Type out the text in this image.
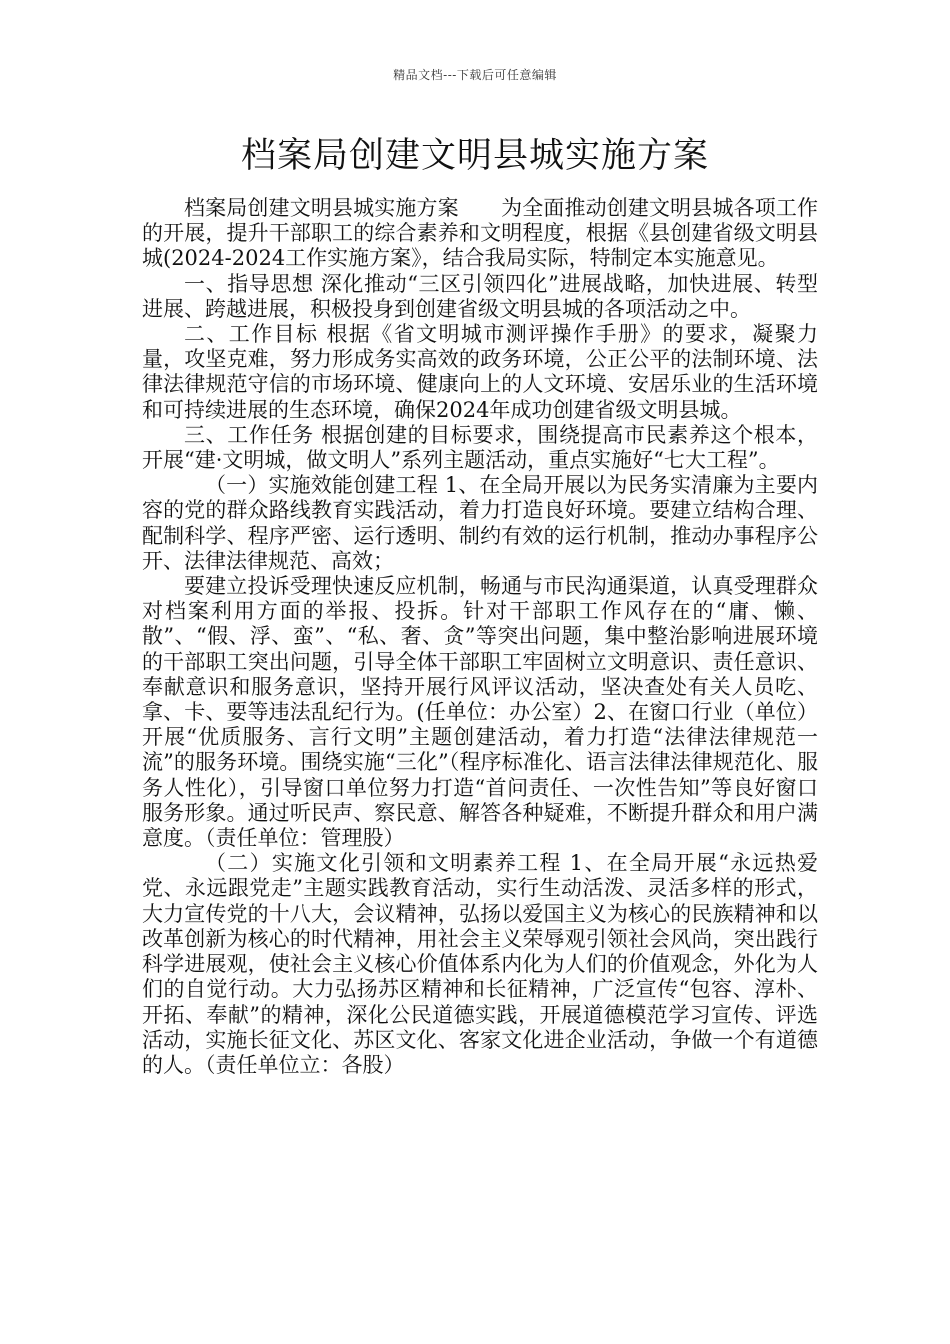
精品文档---下载后可任意编辑
档案局创建文明县城实施方案

档案局创建文明县城实施方案　　为全面推动创建文明县城各项工作的开展，提升干部职工的综合素养和文明程度，根据《县创建省级文明县城(2024-2024工作实施方案》，结合我局实际，特制定本实施意见。

一、指导思想 深化推动“三区引领四化”进展战略，加快进展、转型进展、跨越进展，积极投身到创建省级文明县城的各项活动之中。

二、工作目标 根据《省文明城市测评操作手册》的要求，凝聚力量，攻坚克难，努力形成务实高效的政务环境，公正公平的法制环境、法律法律规范守信的市场环境、健康向上的人文环境、安居乐业的生活环境和可持续进展的生态环境，确保2024年成功创建省级文明县城。

三、工作任务 根据创建的目标要求，围绕提高市民素养这个根本，开展“建·文明城，做文明人”系列主题活动，重点实施好“七大工程”。

（一）实施效能创建工程 1、在全局开展以为民务实清廉为主要内容的党的群众路线教育实践活动，着力打造良好环境。要建立结构合理、配制科学、程序严密、运行透明、制约有效的运行机制，推动办事程序公开、法律法律规范、高效；

要建立投诉受理快速反应机制，畅通与市民沟通渠道，认真受理群众对档案利用方面的举报、投拆。针对干部职工作风存在的“庸、懒、散”、“假、浮、蛮”、“私、奢、贪”等突出问题，集中整治影响进展环境的干部职工突出问题，引导全体干部职工牢固树立文明意识、责任意识、奉献意识和服务意识，坚持开展行风评议活动，坚决查处有关人员吃、拿、卡、要等违法乱纪行为。(任单位：办公室）2、在窗口行业（单位）开展“优质服务、言行文明”主题创建活动，着力打造“法律法律规范一流”的服务环境。围绕实施“三化”（程序标准化、语言法律法律规范化、服务人性化），引导窗口单位努力打造“首问责任、一次性告知”等良好窗口服务形象。通过听民声、察民意、解答各种疑难，不断提升群众和用户满意度。（责任单位：管理股）

（二）实施文化引领和文明素养工程 1、在全局开展“永远热爱党、永远跟党走”主题实践教育活动，实行生动活泼、灵活多样的形式，大力宣传党的十八大，会议精神，弘扬以爱国主义为核心的民族精神和以改革创新为核心的时代精神，用社会主义荣辱观引领社会风尚，突出践行科学进展观，使社会主义核心价值体系内化为人们的价值观念，外化为人们的自觉行动。大力弘扬苏区精神和长征精神，广泛宣传“包容、淳朴、开拓、奉献”的精神，深化公民道德实践，开展道德模范学习宣传、评选活动，实施长征文化、苏区文化、客家文化进企业活动，争做一个有道德的人。（责任单位立：各股）
